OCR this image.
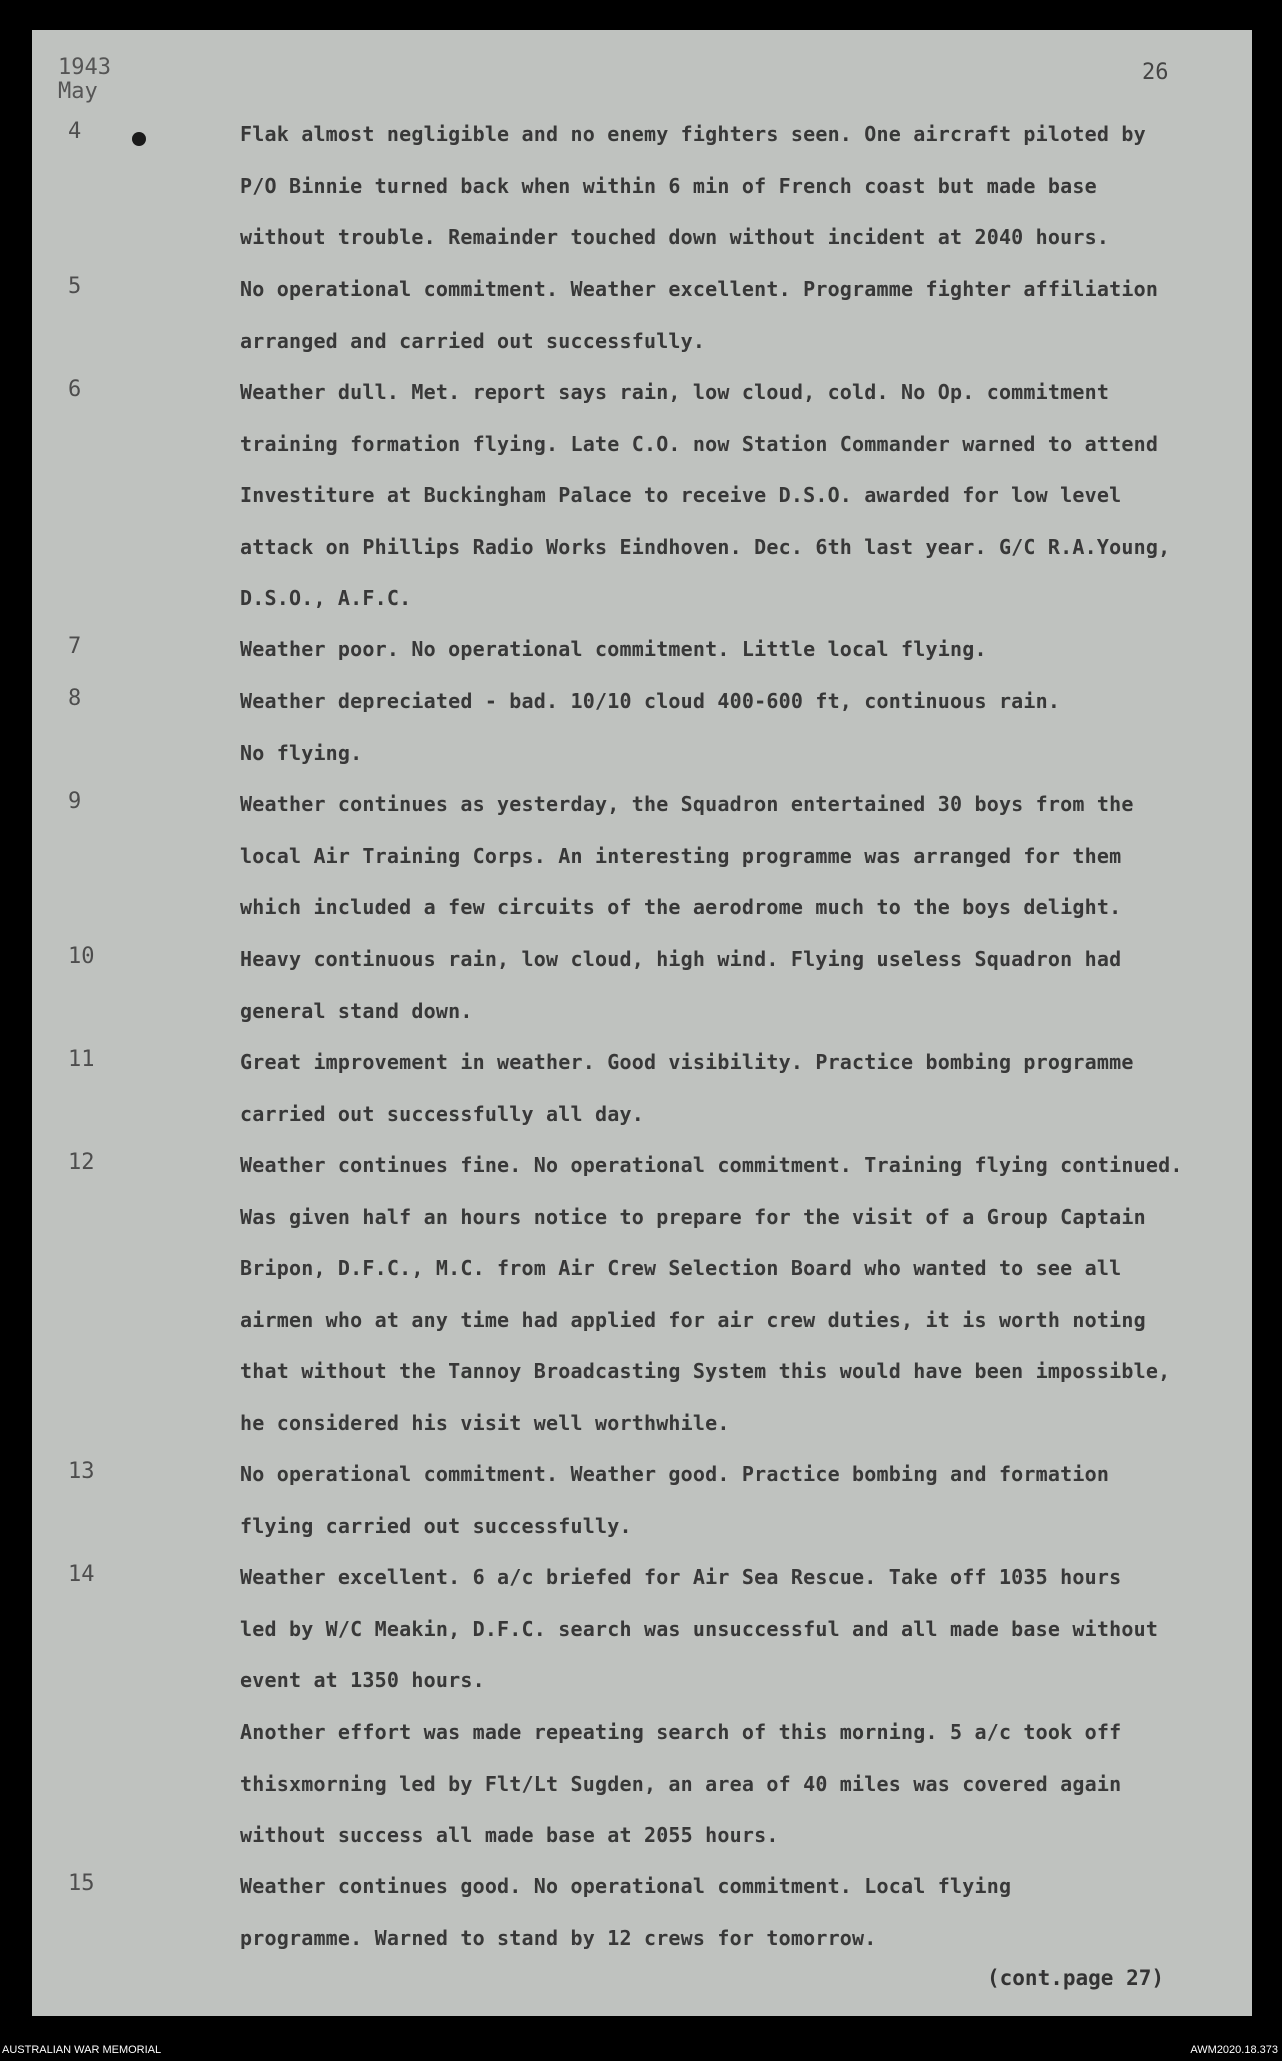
1943
May
26
4	Flak almost negligible and no enemy fighters seen. One aircraft piloted by
P/O Binnie turned back when within 6 min of French coast but made base
without trouble. Remainder touched down without incident at 2040 hours.

5	No operational commitment. Weather excellent. Programme fighter affiliation
arranged and carried out successfully.

6	Weather dull. Met. report says rain, low cloud, cold. No Op. commitment
training formation flying. Late C.O. now Station Commander warned to attend
Investiture at Buckingham Palace to receive D.S.O. awarded for low level
attack on Phillips Radio Works Eindhoven. Dec. 6th last year. G/C R.A.Young,
D.S.O., A.F.C.

7	Weather poor. No operational commitment. Little local flying.

8	Weather depreciated - bad. 10/10 cloud 400-600 ft, continuous rain.
No flying.

9	Weather continues as yesterday, the Squadron entertained 30 boys from the
local Air Training Corps. An interesting programme was arranged for them
which included a few circuits of the aerodrome much to the boys delight.

10	Heavy continuous rain, low cloud, high wind. Flying useless Squadron had
general stand down.

11	Great improvement in weather. Good visibility. Practice bombing programme
carried out successfully all day.

12	Weather continues fine. No operational commitment. Training flying continued.
Was given half an hours notice to prepare for the visit of a Group Captain
Bripon, D.F.C., M.C. from Air Crew Selection Board who wanted to see all
airmen who at any time had applied for air crew duties, it is worth noting
that without the Tannoy Broadcasting System this would have been impossible,
he considered his visit well worthwhile.

13	No operational commitment. Weather good. Practice bombing and formation
flying carried out successfully.

14	Weather excellent. 6 a/c briefed for Air Sea Rescue. Take off 1035 hours
led by W/C Meakin, D.F.C. search was unsuccessful and all made base without
event at 1350 hours.

Another effort was made repeating search of this morning. 5 a/c took off
thisxmorning led by Flt/Lt Sugden, an area of 40 miles was covered again
without success all made base at 2055 hours.

15	Weather continues good. No operational commitment. Local flying
programme. Warned to stand by 12 crews for tomorrow.

(cont.page 27)
AUSTRALIAN WAR MEMORIAL	AWM2020.18.373
